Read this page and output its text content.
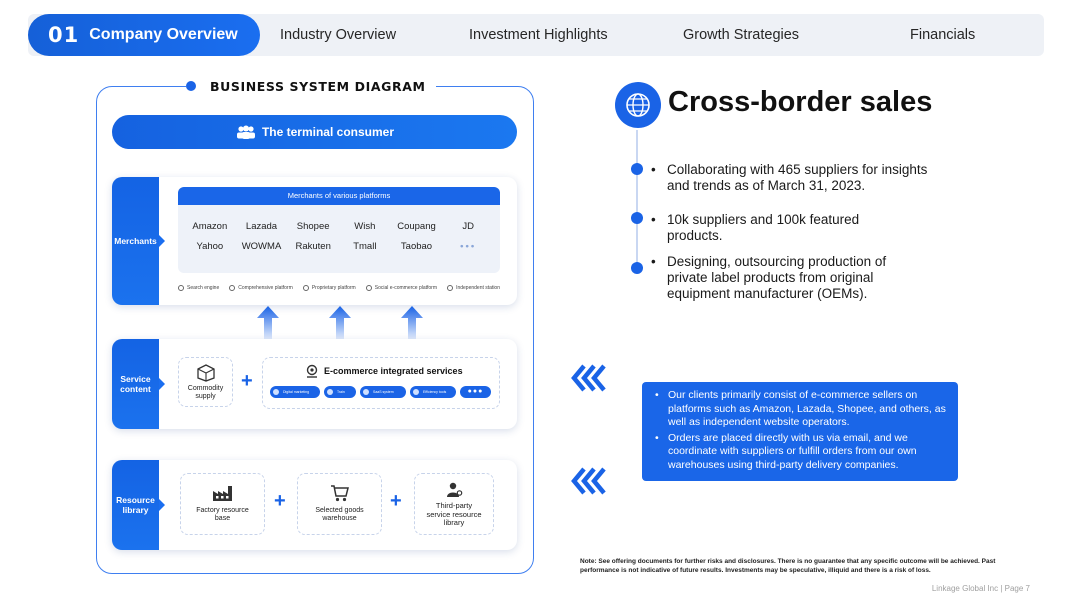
01 Company Overview	Industry Overview	Investment Highlights	Growth Strategies	Financials
BUSINESS SYSTEM DIAGRAM
The terminal consumer
Merchants
Merchants of various platforms
Amazon	Lazada	Shopee	Wish	Coupang	JD
Yahoo	WOWMA	Rakuten	Tmall	Taobao	•••
Search engine	Comprehensive platform	Proprietary platform	Social e-commerce platform	Independent station
Service content	Commodity supply
+	E-commerce integrated services
Digital marketing	Train	SaaS system	Efficiency tools	●●●
Resource library	Factory resource base
+	Selected goods warehouse
+	Third-party service resource library
Cross-border sales
• Collaborating with 465 suppliers for insights and trends as of March 31, 2023.
• 10k suppliers and 100k featured products.
• Designing, outsourcing production of private label products from original equipment manufacturer (OEMs).
• Our clients primarily consist of e-commerce sellers on platforms such as Amazon, Lazada, Shopee, and others, as well as independent website operators.
• Orders are placed directly with us via email, and we coordinate with suppliers or fulfill orders from our own warehouses using third-party delivery companies.
Note: See offering documents for further risks and disclosures. There is no guarantee that any specific outcome will be achieved. Past performance is not indicative of future results. Investments may be speculative, illiquid and there is a risk of loss.
Linkage Global Inc | Page 7
